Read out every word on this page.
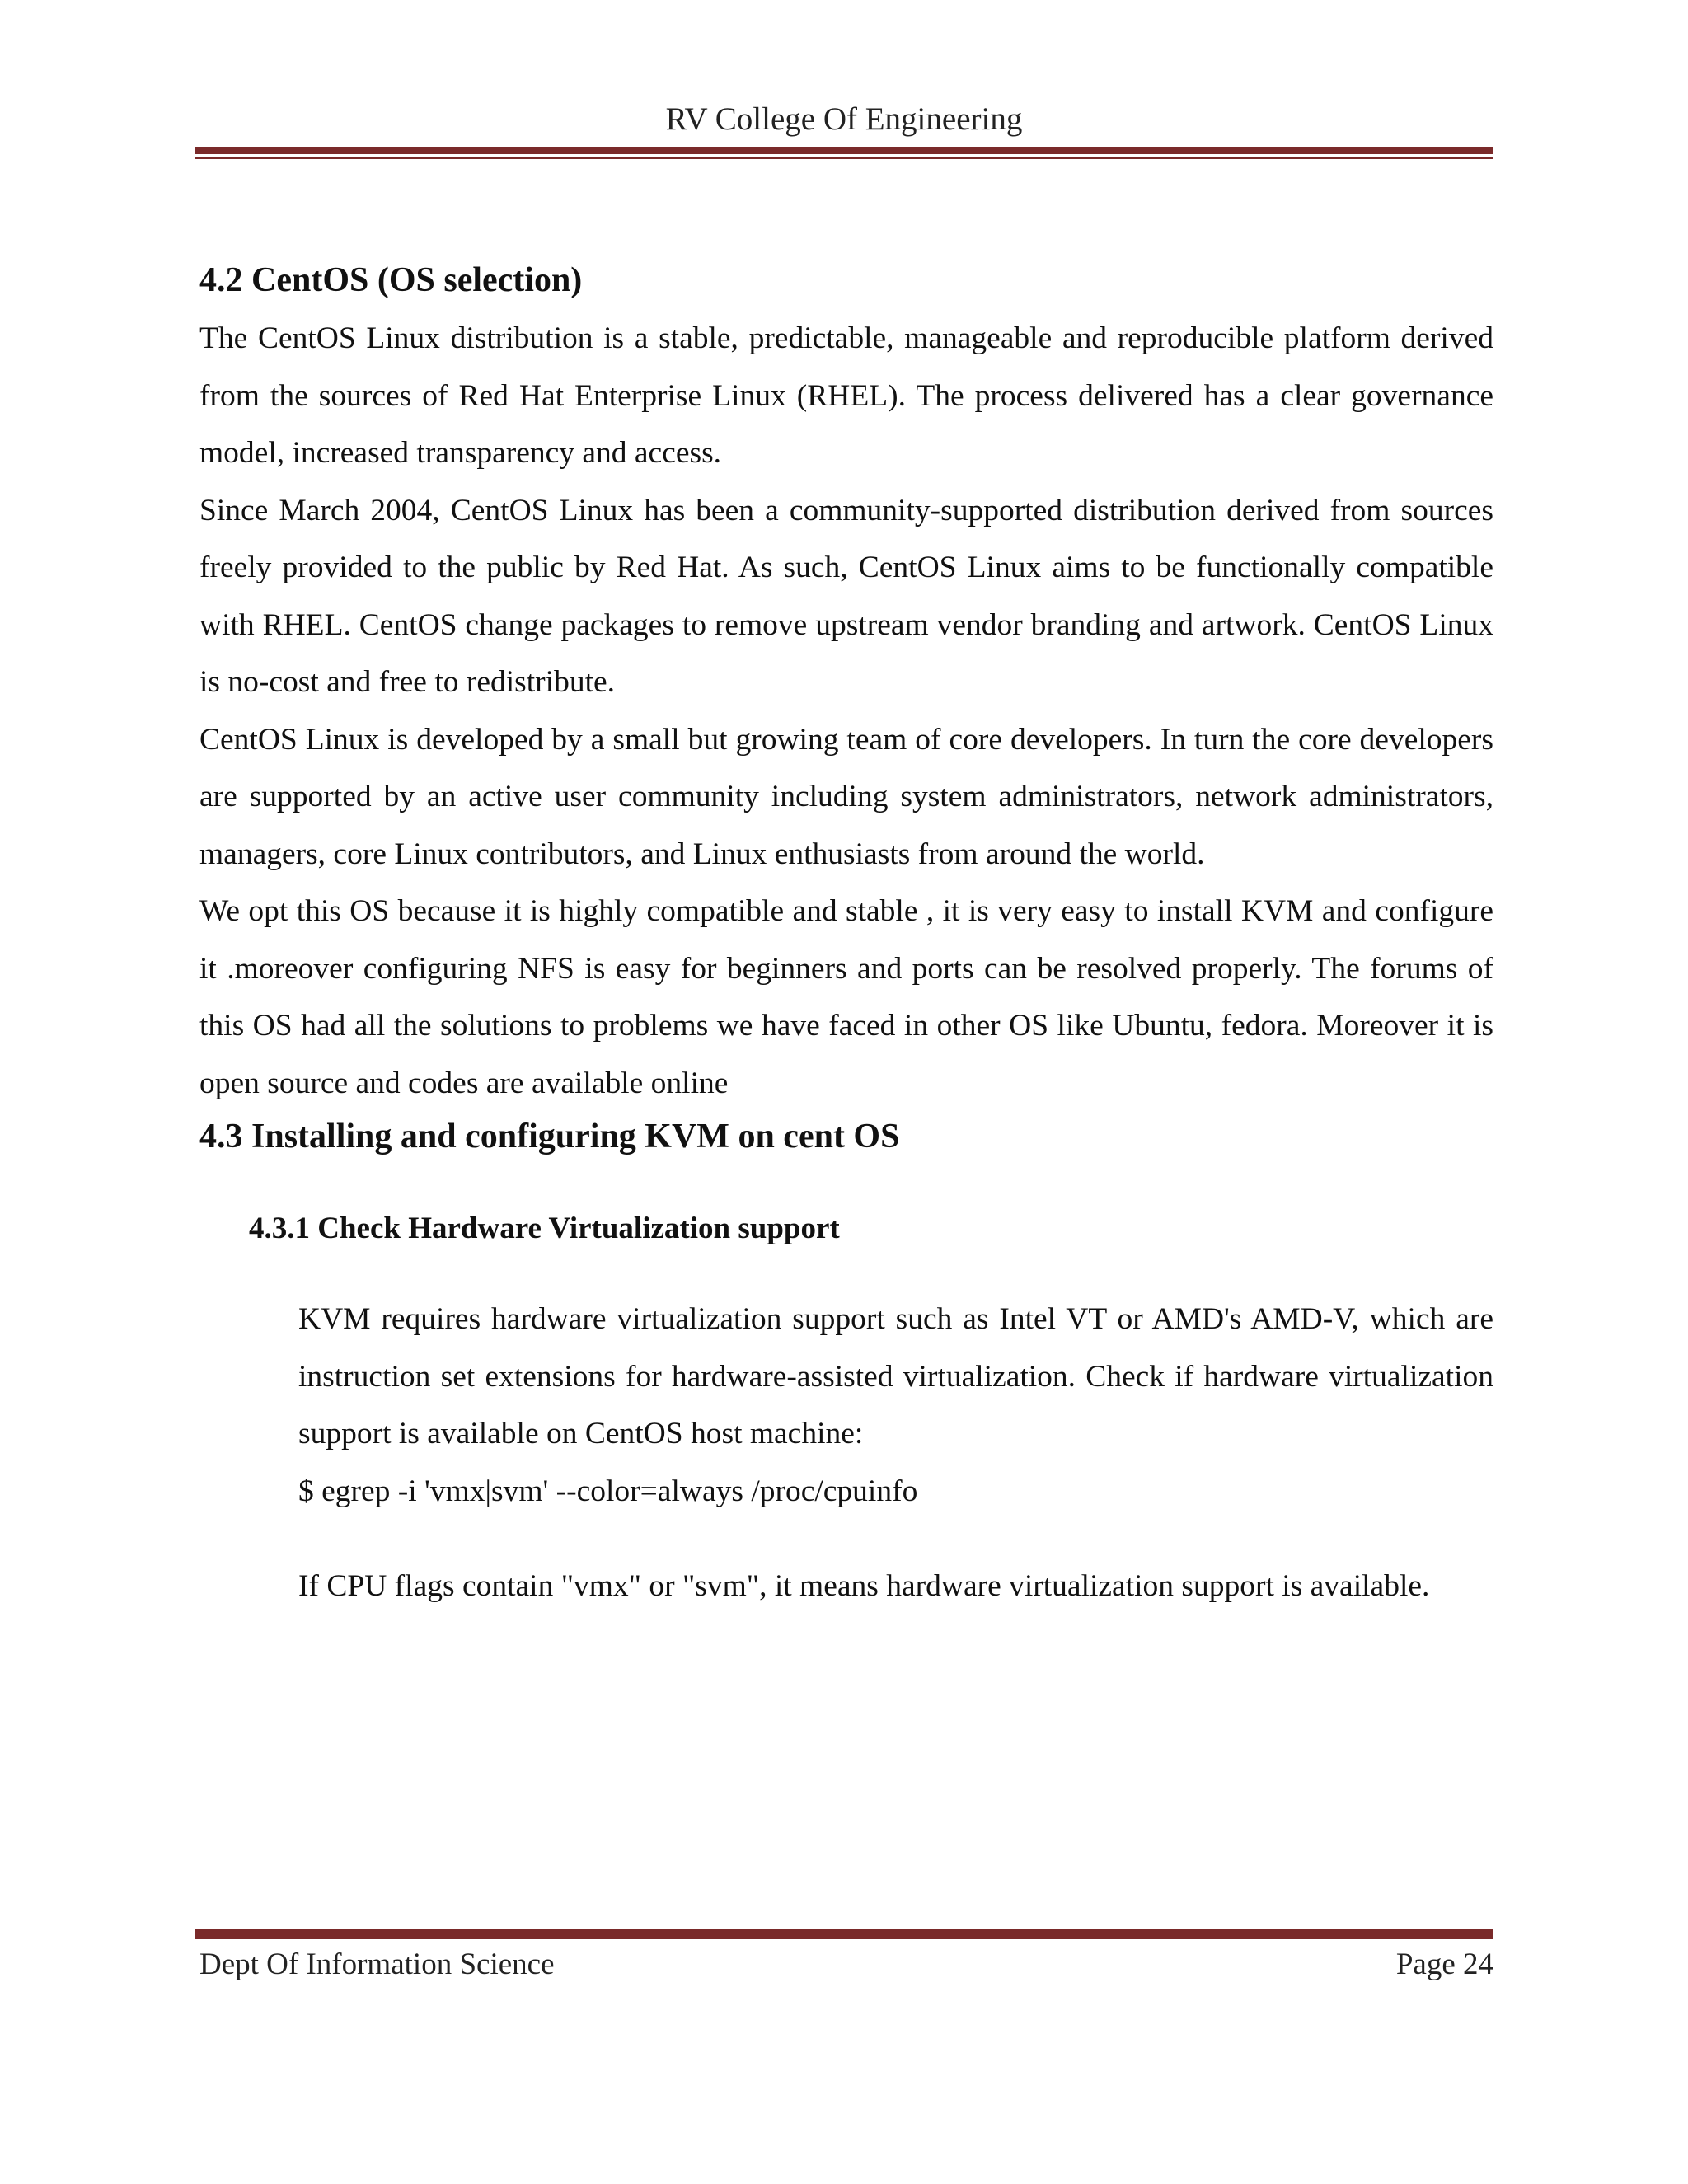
RV College Of Engineering
4.2 CentOS (OS selection)

The CentOS Linux distribution is a stable, predictable, manageable and reproducible platform derived from the sources of Red Hat Enterprise Linux (RHEL). The process delivered has a clear governance model, increased transparency and access.

Since March 2004, CentOS Linux has been a community-supported distribution derived from sources freely provided to the public by Red Hat. As such, CentOS Linux aims to be functionally compatible with RHEL. CentOS change packages to remove upstream vendor branding and artwork. CentOS Linux is no-cost and free to redistribute.

CentOS Linux is developed by a small but growing team of core developers. In turn the core developers are supported by an active user community including system administrators, network administrators, managers, core Linux contributors, and Linux enthusiasts from around the world.

We opt this OS because it is highly compatible and stable , it is very easy to install KVM and configure it .moreover configuring NFS is easy for beginners and ports can be resolved properly. The forums of this OS had all the solutions to problems we have faced in other OS like Ubuntu, fedora. Moreover it is open source and codes are available online

4.3 Installing and configuring KVM on cent OS
4.3.1 Check Hardware Virtualization support

KVM requires hardware virtualization support such as Intel VT or AMD's AMD-V, which are instruction set extensions for hardware-assisted virtualization. Check if hardware virtualization support is available on CentOS host machine:

$ egrep -i 'vmx|svm' --color=always /proc/cpuinfo

If CPU flags contain "vmx" or "svm", it means hardware virtualization support is available.

Dept Of Information Science	Page 24
